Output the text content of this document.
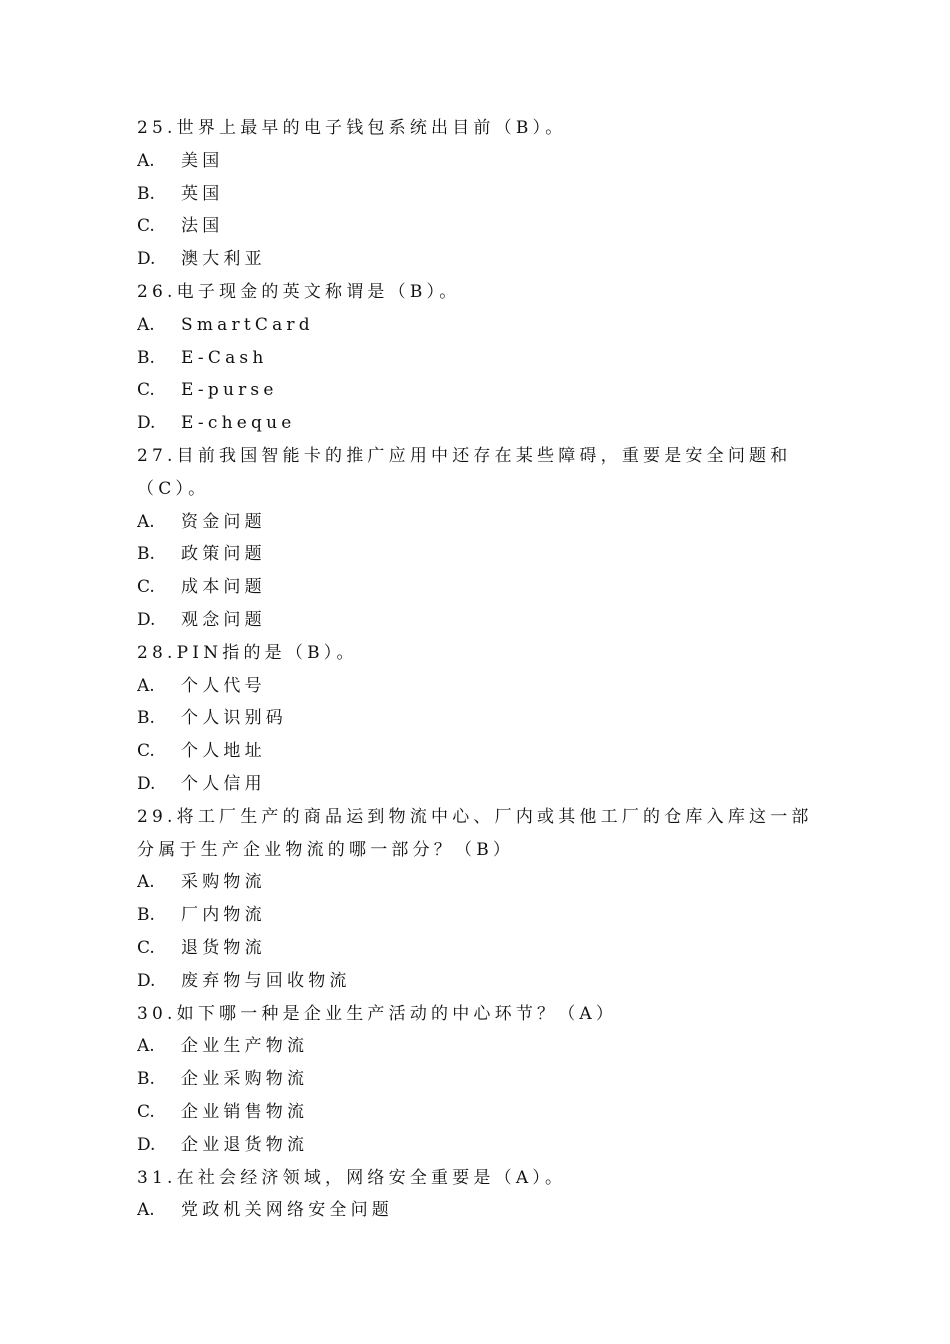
25.世界上最早的电子钱包系统出目前（B）。
A. 美国
B. 英国
C. 法国
D. 澳大利亚
26.电子现金的英文称谓是（B）。
A. SmartCard
B. E-Cash
C. E-purse
D. E-cheque
27.目前我国智能卡的推广应用中还存在某些障碍，重要是安全问题和
（C）。
A. 资金问题
B. 政策问题
C. 成本问题
D. 观念问题
28.PIN指的是（B）。
A. 个人代号
B. 个人识别码
C. 个人地址
D. 个人信用
29.将工厂生产的商品运到物流中心、厂内或其他工厂的仓库入库这一部
分属于生产企业物流的哪一部分？（B）
A. 采购物流
B. 厂内物流
C. 退货物流
D. 废弃物与回收物流
30.如下哪一种是企业生产活动的中心环节？（A）
A. 企业生产物流
B. 企业采购物流
C. 企业销售物流
D. 企业退货物流
31.在社会经济领域，网络安全重要是（A）。
A. 党政机关网络安全问题
